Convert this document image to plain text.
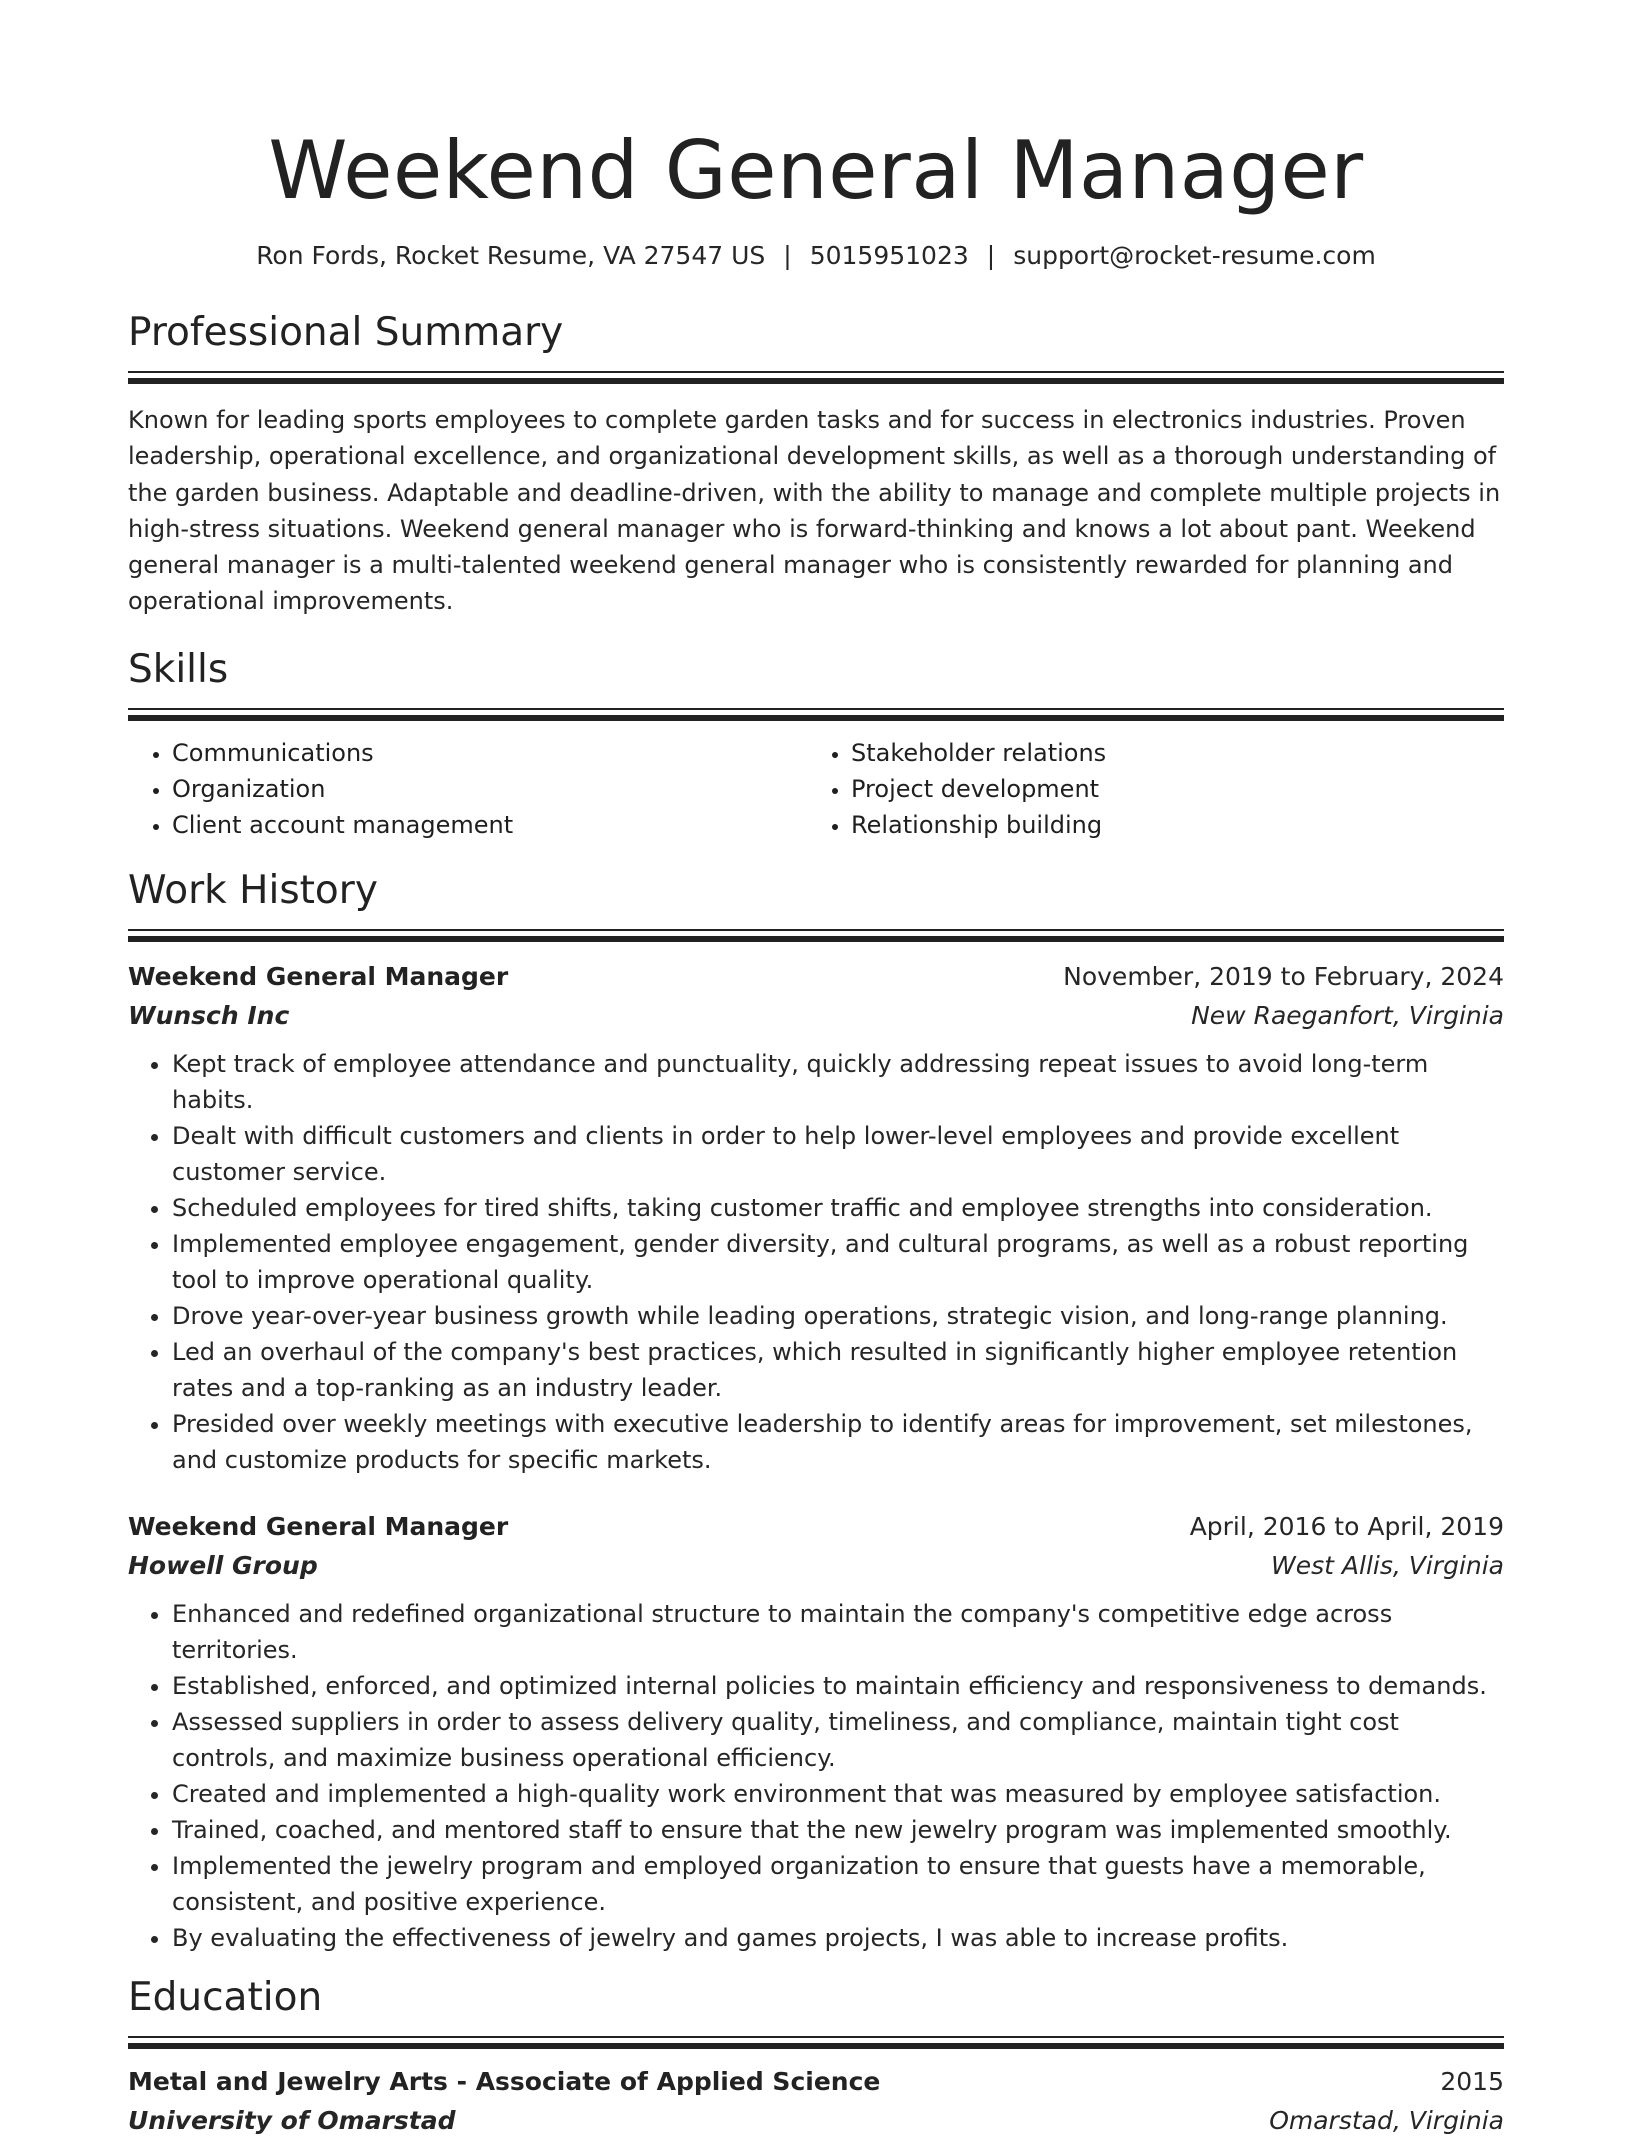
Weekend General Manager
Ron Fords, Rocket Resume, VA 27547 US | 5015951023 | support@rocket-resume.com
Professional Summary

Known for leading sports employees to complete garden tasks and for success in electronics industries. Proven leadership, operational excellence, and organizational development skills, as well as a thorough understanding of the garden business. Adaptable and deadline-driven, with the ability to manage and complete multiple projects in high-stress situations. Weekend general manager who is forward-thinking and knows a lot about pant. Weekend general manager is a multi-talented weekend general manager who is consistently rewarded for planning and operational improvements.

Skills
• Communications
• Organization
• Client account management
• Stakeholder relations
• Project development
• Relationship building
Work History
Weekend General Manager	November, 2019 to February, 2024
Wunsch Inc	New Raeganfort, Virginia
• Kept track of employee attendance and punctuality, quickly addressing repeat issues to avoid long-term habits.
• Dealt with difficult customers and clients in order to help lower-level employees and provide excellent customer service.
• Scheduled employees for tired shifts, taking customer traffic and employee strengths into consideration.
• Implemented employee engagement, gender diversity, and cultural programs, as well as a robust reporting tool to improve operational quality.
• Drove year-over-year business growth while leading operations, strategic vision, and long-range planning.
• Led an overhaul of the company's best practices, which resulted in significantly higher employee retention rates and a top-ranking as an industry leader.
• Presided over weekly meetings with executive leadership to identify areas for improvement, set milestones, and customize products for specific markets.
Weekend General Manager	April, 2016 to April, 2019
Howell Group	West Allis, Virginia
• Enhanced and redefined organizational structure to maintain the company's competitive edge across territories.
• Established, enforced, and optimized internal policies to maintain efficiency and responsiveness to demands.
• Assessed suppliers in order to assess delivery quality, timeliness, and compliance, maintain tight cost controls, and maximize business operational efficiency.
• Created and implemented a high-quality work environment that was measured by employee satisfaction.
• Trained, coached, and mentored staff to ensure that the new jewelry program was implemented smoothly.
• Implemented the jewelry program and employed organization to ensure that guests have a memorable, consistent, and positive experience.
• By evaluating the effectiveness of jewelry and games projects, I was able to increase profits.
Education
Metal and Jewelry Arts - Associate of Applied Science	2015
University of Omarstad	Omarstad, Virginia
